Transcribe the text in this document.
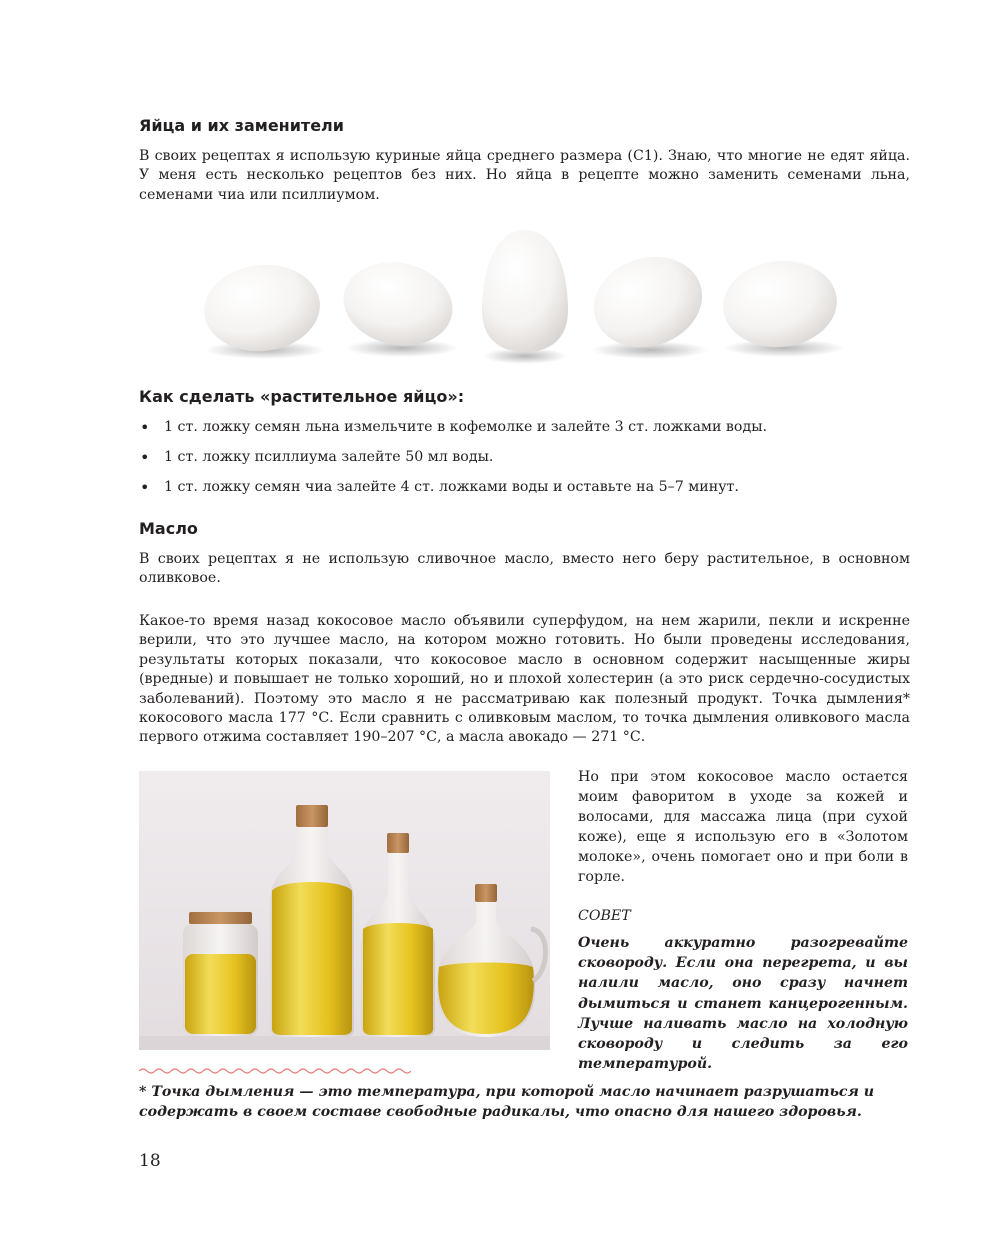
Яйца и их заменители

В своих рецептах я использую куриные яйца среднего размера (С1). Знаю, что многие не едят яйца. У меня есть несколько рецептов без них. Но яйца в рецепте можно заменить семенами льна, семенами чиа или псиллиумом.

Как сделать «растительное яйцо»:
• 1 ст. ложку семян льна измельчите в кофемолке и залейте 3 ст. ложками воды.
• 1 ст. ложку псиллиума залейте 50 мл воды.
• 1 ст. ложку семян чиа залейте 4 ст. ложками воды и оставьте на 5–7 минут.
Масло

В своих рецептах я не использую сливочное масло, вместо него беру растительное, в основном оливковое.

Какое-то время назад кокосовое масло объявили суперфудом, на нем жарили, пекли и искренне верили, что это лучшее масло, на котором можно готовить. Но были проведены исследования, результаты которых показали, что кокосовое масло в основном содержит насыщенные жиры (вредные) и повышает не только хороший, но и плохой холестерин (а это риск сердечно-сосудистых заболеваний). Поэтому это масло я не рассматриваю как полезный продукт. Точка дымления* кокосового масла 177 °С. Если сравнить с оливковым маслом, то точка дымления оливкового масла первого отжима составляет 190–207 °С, а масла авокадо — 271 °С.

Но при этом кокосовое масло остается моим фаворитом в уходе за кожей и волосами, для массажа лица (при сухой коже), еще я использую его в «Золотом молоке», очень помогает оно и при боли в горле.

СОВЕТ

Очень аккуратно разогревайте сковороду. Если она перегрета, и вы налили масло, оно сразу начнет дымиться и станет канцерогенным. Лучше наливать масло на холодную сковороду и следить за его температурой.

* Точка дымления — это температура, при которой масло начинает разрушаться и содержать в своем составе свободные радикалы, что опасно для нашего здоровья.

18
